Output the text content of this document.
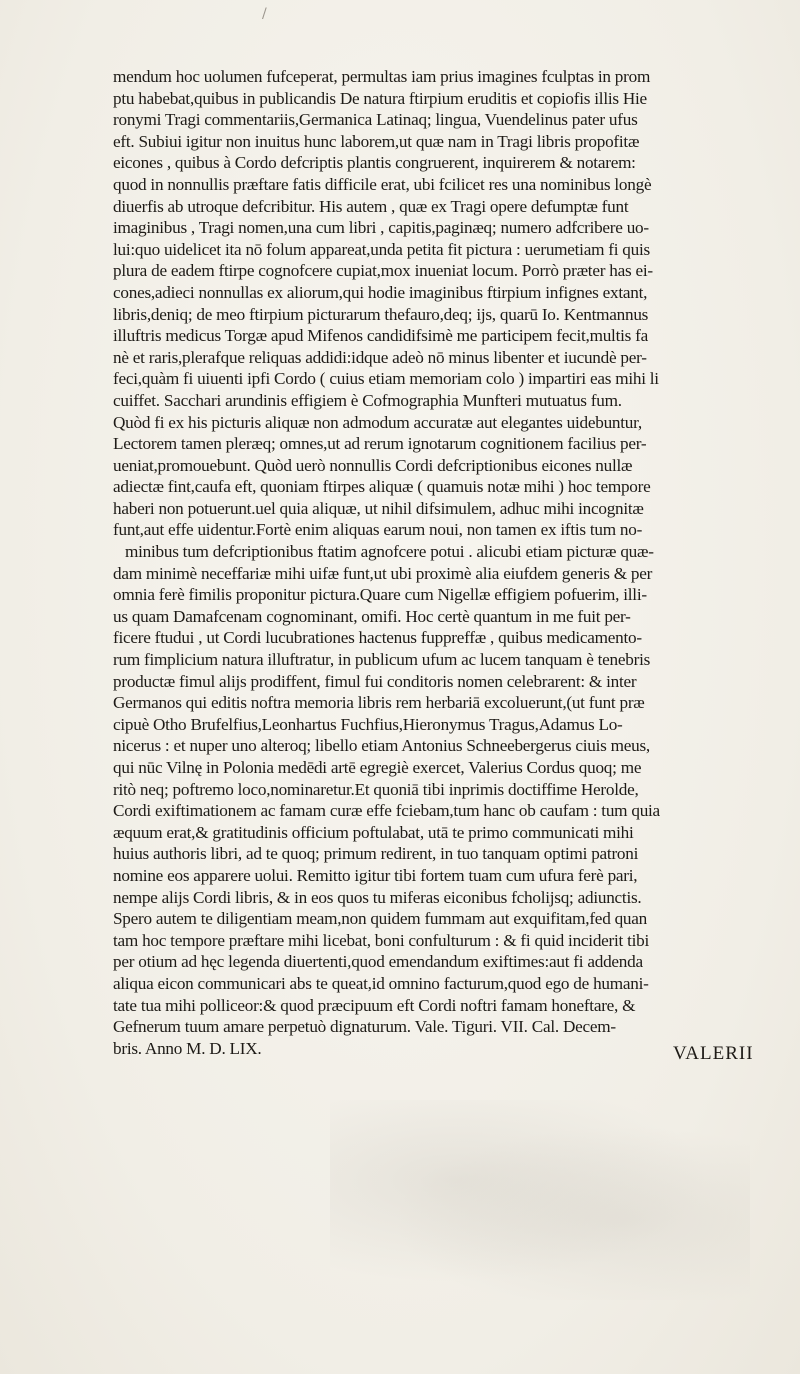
/
mendum hoc uolumen fufceperat, permultas iam prius imagines fculptas in prom
ptu habebat,quibus in publicandis De natura ftirpium eruditis et copiofis illis Hie
ronymi Tragi commentariis,Germanica Latinaq; lingua, Vuendelinus pater ufus
eft. Subiui igitur non inuitus hunc laborem,ut quæ nam in Tragi libris propofitæ
eicones , quibus à Cordo defcriptis plantis congruerent, inquirerem & notarem:
quod in nonnullis præftare fatis difficile erat, ubi fcilicet res una nominibus longè
diuerfis ab utroque defcribitur. His autem , quæ ex Tragi opere defumptæ funt
imaginibus , Tragi nomen,una cum libri , capitis,paginæq; numero adfcribere uo-
lui:quo uidelicet ita nō folum appareat,unda petita fit pictura : uerumetiam fi quis
plura de eadem ftirpe cognofcere cupiat,mox inueniat locum. Porrò præter has ei-
cones,adieci nonnullas ex aliorum,qui hodie imaginibus ftirpium infignes extant,
libris,deniq; de meo ftirpium picturarum thefauro,deq; ijs, quarū Io. Kentmannus
illuftris medicus Torgæ apud Mifenos candidifsimè me participem fecit,multis fa
nè et raris,plerafque reliquas addidi:idque adeò nō minus libenter et iucundè per-
feci,quàm fi uiuenti ipfi Cordo ( cuius etiam memoriam colo ) impartiri eas mihi li
cuiffet. Sacchari arundinis effigiem è Cofmographia Munfteri mutuatus fum.
Quòd fi ex his picturis aliquæ non admodum accuratæ aut elegantes uidebuntur,
Lectorem tamen pleræq; omnes,ut ad rerum ignotarum cognitionem facilius per-
ueniat,promouebunt. Quòd uerò nonnullis Cordi defcriptionibus eicones nullæ
adiectæ fint,caufa eft, quoniam ftirpes aliquæ ( quamuis notæ mihi ) hoc tempore
haberi non potuerunt.uel quia aliquæ, ut nihil difsimulem, adhuc mihi incognitæ
funt,aut effe uidentur.Fortè enim aliquas earum noui, non tamen ex iftis tum no-
minibus tum defcriptionibus ftatim agnofcere potui . alicubi etiam picturæ quæ-
dam minimè neceffariæ mihi uifæ funt,ut ubi proximè alia eiufdem generis & per
omnia ferè fimilis proponitur pictura.Quare cum Nigellæ effigiem pofuerim, illi-
us quam Damafcenam cognominant, omifi. Hoc certè quantum in me fuit per-
ficere ftudui , ut Cordi lucubrationes hactenus fuppreffæ , quibus medicamento-
rum fimplicium natura illuftratur, in publicum ufum ac lucem tanquam è tenebris
productæ fimul alijs prodiffent, fimul fui conditoris nomen celebrarent: & inter
Germanos qui editis noftra memoria libris rem herbariā excoluerunt,(ut funt præ
cipuè Otho Brufelfius,Leonhartus Fuchfius,Hieronymus Tragus,Adamus Lo-
nicerus : et nuper uno alteroq; libello etiam Antonius Schneebergerus ciuis meus,
qui nūc Vilnę in Polonia medēdi artē egregiè exercet, Valerius Cordus quoq; me
ritò neq; poftremo loco,nominaretur.Et quoniā tibi inprimis doctiffime Herolde,
Cordi exiftimationem ac famam curæ effe fciebam,tum hanc ob caufam : tum quia
æquum erat,& gratitudinis officium poftulabat, utā te primo communicati mihi
huius authoris libri, ad te quoq; primum redirent, in tuo tanquam optimi patroni
nomine eos apparere uolui. Remitto igitur tibi fortem tuam cum ufura ferè pari,
nempe alijs Cordi libris, & in eos quos tu miferas eiconibus fcholijsq; adiunctis.
Spero autem te diligentiam meam,non quidem fummam aut exquifitam,fed quan
tam hoc tempore præftare mihi licebat, boni confulturum : & fi quid inciderit tibi
per otium ad hęc legenda diuertenti,quod emendandum exiftimes:aut fi addenda
aliqua eicon communicari abs te queat,id omnino facturum,quod ego de humani-
tate tua mihi polliceor:& quod præcipuum eft Cordi noftri famam honeftare, &
Gefnerum tuum amare perpetuò dignaturum. Vale. Tiguri. VII. Cal. Decem-
bris. Anno M. D. LIX.	VALERII
